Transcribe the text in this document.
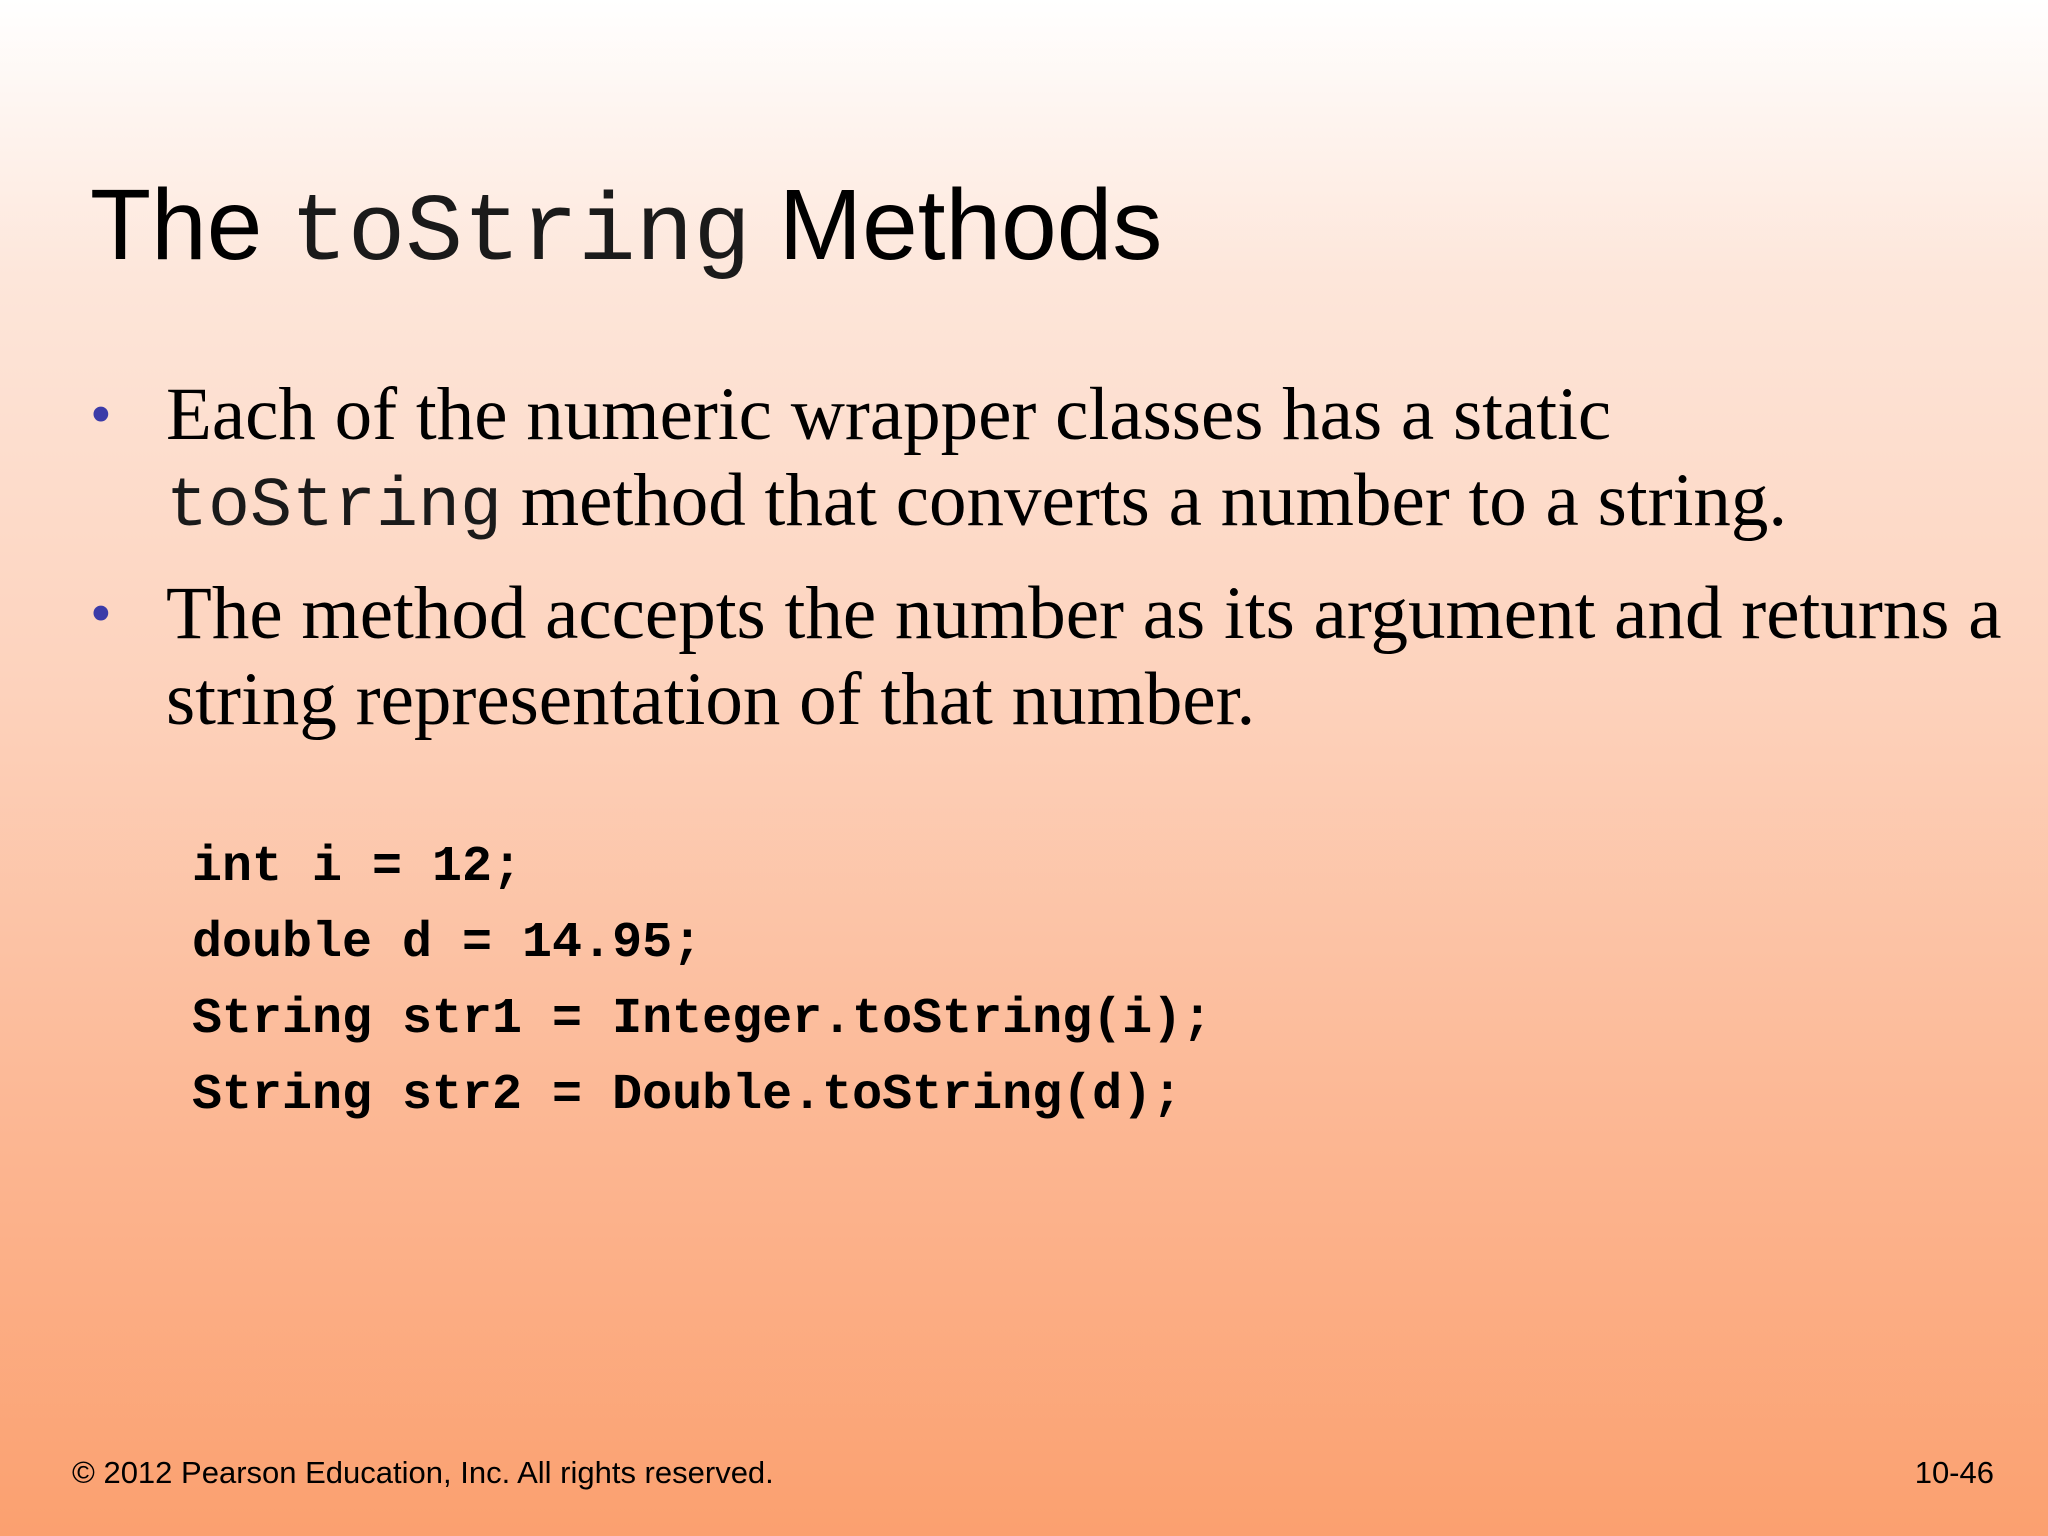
The toString Methods
• Each of the numeric wrapper classes has a static
toString method that converts a number to a string.
• The method accepts the number as its argument and returns a string representation of that number.
int i = 12;
double d = 14.95;
String str1 = Integer.toString(i);
String str2 = Double.toString(d);
© 2012 Pearson Education, Inc. All rights reserved.	10-46
